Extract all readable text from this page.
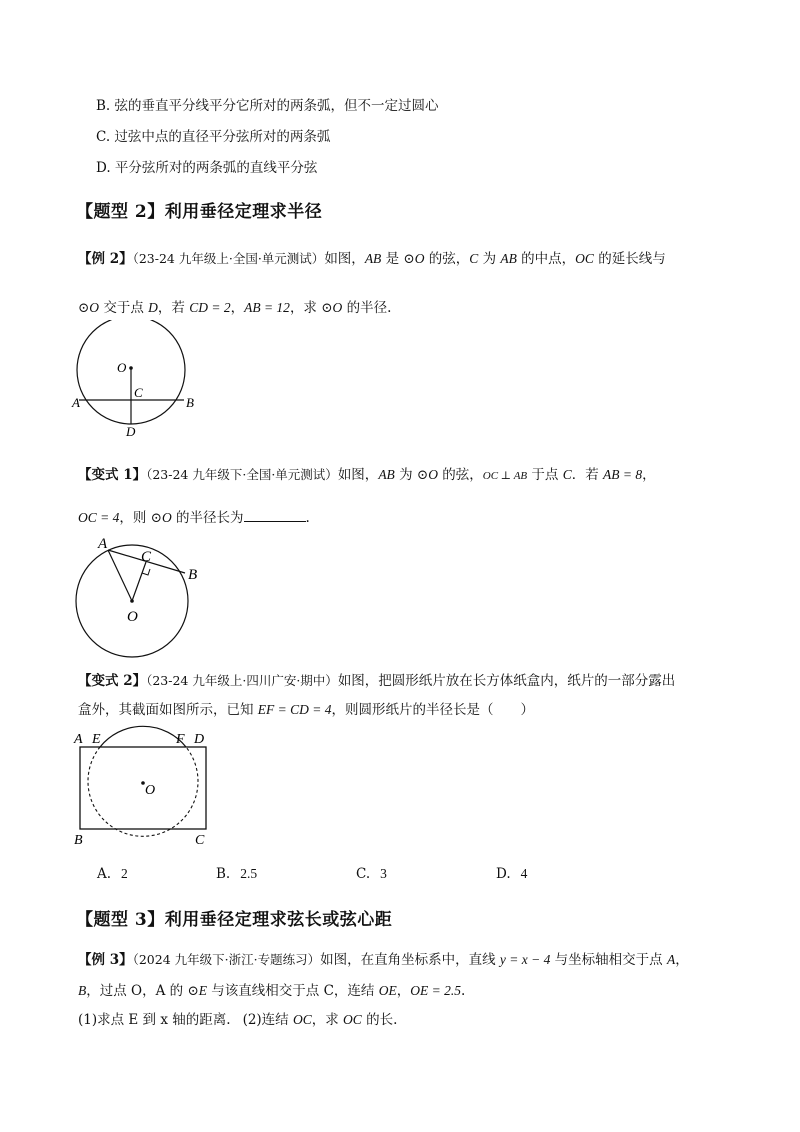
B. 弦的垂直平分线平分它所对的两条弧，但不一定过圆心
C. 过弦中点的直径平分弦所对的两条弧
D. 平分弦所对的两条弧的直线平分弦
【题型 2】利用垂径定理求半径
【例 2】（23-24 九年级上·全国·单元测试）如图，AB 是 ⊙O 的弦，C 为 AB 的中点，OC 的延长线与
⊙O 交于点 D，若 CD = 2，AB = 12，求 ⊙O 的半径.
O
C
A	B
D
【变式 1】（23-24 九年级下·全国·单元测试）如图，AB 为 ⊙O 的弦，OC ⊥ AB 于点 C．若 AB = 8，
OC = 4，则 ⊙O 的半径长为	.
A
C
B
O
【变式 2】（23-24 九年级上·四川广安·期中）如图，把圆形纸片放在长方体纸盒内，纸片的一部分露出
盒外，其截面如图所示，已知 EF = CD = 4，则圆形纸片的半径长是（　　）
A E	F D
O
B	C
A. 2	B. 2.5	C. 3	D. 4
【题型 3】利用垂径定理求弦长或弦心距
【例 3】（2024 九年级下·浙江·专题练习）如图，在直角坐标系中，直线 y = x − 4 与坐标轴相交于点 A，
B，过点 O，A 的 ⊙E 与该直线相交于点 C，连结 OE，OE = 2.5.
(1)求点 E 到 x 轴的距离. (2)连结 OC，求 OC 的长.
